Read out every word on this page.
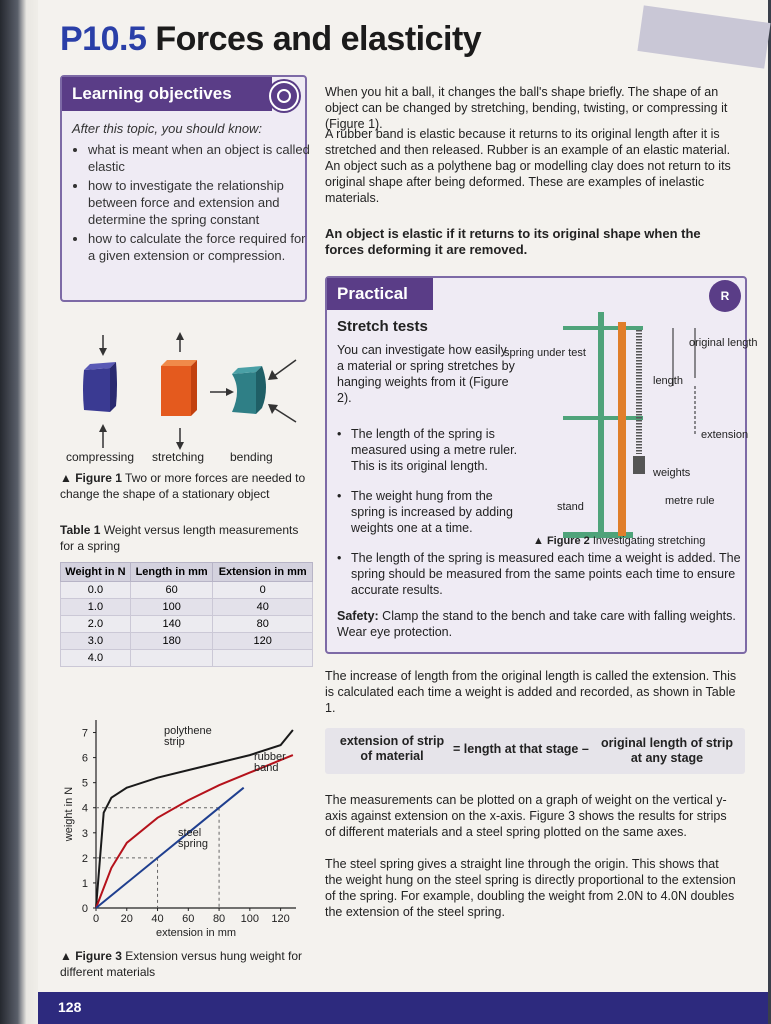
P10.5 Forces and elasticity
Learning objectives
After this topic, you should know:
• what is meant when an object is called elastic
• how to investigate the relationship between force and extension and determine the spring constant
• how to calculate the force required for a given extension or compression.
compressing stretching bending
▲ Figure 1 Two or more forces are needed to change the shape of a stationary object
Table 1 Weight versus length measurements for a spring
Weight in N	Length in mm	Extension in mm
0.0	60	0
1.0	100	40
2.0	140	80
3.0	180	120
4.0		
0 20 40 60 80 100 120
0
1
2
3
4
5
6
7
extension in mm
weight in N
polythene
strip
rubber
band
steel
spring
▲ Figure 3 Extension versus hung weight for different materials
When you hit a ball, it changes the ball's shape briefly. The shape of an object can be changed by stretching, bending, twisting, or compressing it (Figure 1).
A rubber band is elastic because it returns to its original length after it is stretched and then released. Rubber is an example of an elastic material. An object such as a polythene bag or modelling clay does not return to its original shape after being deformed. These are examples of inelastic materials.
An object is elastic if it returns to its original shape when the forces deforming it are removed.
Practical	R
Stretch tests
You can investigate how easily a material or spring stretches by hanging weights from it (Figure 2).
• The length of the spring is measured using a metre ruler. This is its original length.
• The weight hung from the spring is increased by adding weights one at a time.
• The length of the spring is measured each time a weight is added. The spring should be measured from the same points each time to ensure accurate results.
Safety: Clamp the stand to the bench and take care with falling weights. Wear eye protection.
spring under test
original length
length
extension
weights
metre rule
stand
▲ Figure 2 Investigating stretching
The increase of length from the original length is called the extension. This is calculated each time a weight is added and recorded, as shown in Table 1.
extension of strip of material	= length at that stage – original length of strip at any stage
The measurements can be plotted on a graph of weight on the vertical y-axis against extension on the x-axis. Figure 3 shows the results for strips of different materials and a steel spring plotted on the same axes.
The steel spring gives a straight line through the origin. This shows that the weight hung on the steel spring is directly proportional to the extension of the spring. For example, doubling the weight from 2.0N to 4.0N doubles the extension of the steel spring.
128
